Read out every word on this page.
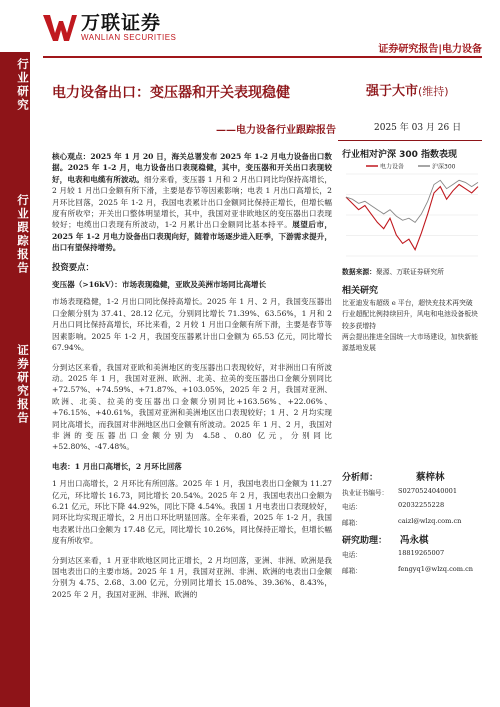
万联证券
WANLIAN SECURITIES
证券研究报告|电力设备
行业研究
行业跟踪报告
证券研究报告
电力设备出口：变压器和开关表现稳健
——电力设备行业跟踪报告
强于大市(维持)
2025 年 03 月 26 日

核心观点：2025 年 1 月 20 日，海关总署发布 2025 年 1-2 月电力设备出口数据。2025 年 1-2 月，电力设备出口表现稳健，其中，变压器和开关出口表现较好，电表和电缆有所波动。细分来看，变压器 1 月和 2 月出口同比均保持高增长，2 月较 1 月出口金额有所下滑，主要是春节等因素影响；电表 1 月出口高增长，2 月环比回落，2025 年 1-2 月，我国电表累计出口金额同比保持正增长，但增长幅度有所收窄；开关出口整体明显增长，其中，我国对亚非欧地区的变压器出口表现较好；电缆出口表现有所波动，1-2 月累计出口金额同比基本持平。展望后市，2025 年 1-2 月电力设备出口表现向好，随着市场逐步进入旺季，下游需求提升，出口有望保持增势。

投资要点：
变压器（>16kV）：市场表现稳健，亚欧及美洲市场同比高增长

市场表现稳健，1-2 月出口同比保持高增长。2025 年 1 月、2 月，我国变压器出口金额分别为 37.41、28.12 亿元，分别同比增长 71.39%、63.56%，1 月和 2 月出口同比保持高增长，环比来看，2 月较 1 月出口金额有所下滑，主要是春节等因素影响。2025 年 1-2 月，我国变压器累计出口金额为 65.53 亿元，同比增长 67.94%。

分到达区来看，我国对亚欧和美洲地区的变压器出口表现较好，对非洲出口有所波动。2025 年 1 月，我国对亚洲、欧洲、北美、拉美的变压器出口金额分别同比+72.57%、+74.59%、+71.87%、+103.05%，2025 年 2 月，我国对亚洲、欧洲、北美、拉美的变压器出口金额分别同比+163.56%、+22.06%、+76.15%、+40.61%，我国对亚洲和美洲地区出口表现较好；1 月、2 月均实现同比高增长，而我国对非洲地区出口金额有所波动。2025 年 1 月、2 月，我国对非洲的变压器出口金额分别为 4.58、0.80 亿元，分别同比+52.80%、-47.48%。

电表：1 月出口高增长，2 月环比回落

1 月出口高增长，2 月环比有所回落。2025 年 1 月，我国电表出口金额为 11.27 亿元，环比增长 16.73，同比增长 20.54%。2025 年 2 月，我国电表出口金额为 6.21 亿元，环比下降 44.92%，同比下降 4.54%。我国 1 月电表出口表现较好，同环比均实现正增长，2 月出口环比明显回落。全年来看，2025 年 1-2 月，我国电表累计出口金额为 17.48 亿元，同比增长 10.26%，同比保持正增长，但增长幅度有所收窄。

分到达区来看，1 月亚非欧地区同比正增长，2 月均回落，亚洲、非洲、欧洲是我国电表出口的主要市场。2025 年 1 月，我国对亚洲、非洲、欧洲的电表出口金额分别为 4.75、2.68、3.00 亿元，分别同比增长 15.08%、39.36%、8.43%，2025 年 2 月，我国对亚洲、非洲、欧洲的

行业相对沪深 300 指数表现
电力设备	沪深300
数据来源：聚源、万联证券研究所
相关研究
比亚迪发布超级 e 平台，超快充技术再突破
行业超配比例持续回升，风电和电池设备板块较多获增持
两会提出推进全国统一大市场建设，加快新能源基地发展
分析师：	蔡梓林
执业证书编号： S0270524040001
电话：	02032255228
邮箱：	caizl@wlzq.com.cn
研究助理： 冯永棋
电话：	18819265007
邮箱：	fengyq1@wlzq.com.cn
